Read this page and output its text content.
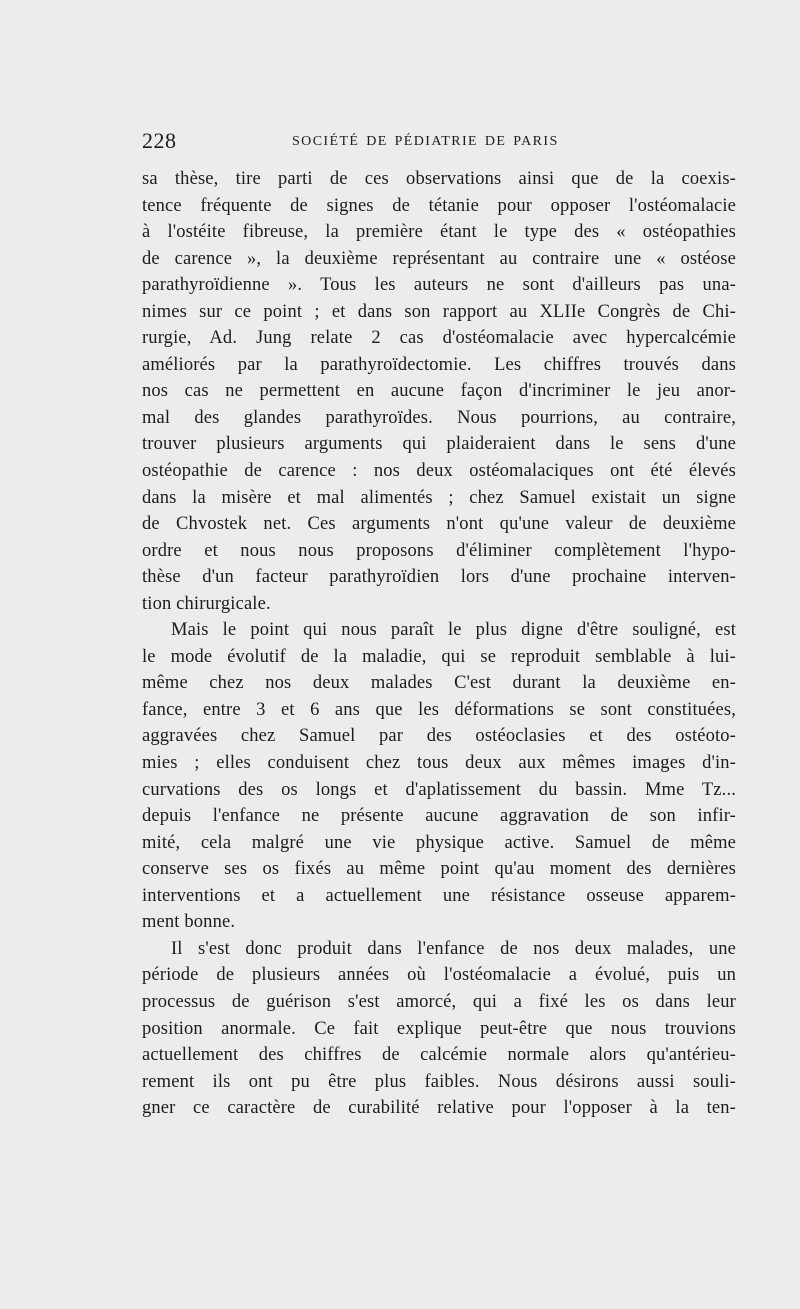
228	SOCIÉTÉ DE PÉDIATRIE DE PARIS

sa thèse, tire parti de ces observations ainsi que de la coexis-

tence fréquente de signes de tétanie pour opposer l'ostéomalacie

à l'ostéite fibreuse, la première étant le type des « ostéopathies

de carence », la deuxième représentant au contraire une « ostéose

parathyroïdienne ». Tous les auteurs ne sont d'ailleurs pas una-

nimes sur ce point ; et dans son rapport au XLIIe Congrès de Chi-

rurgie, Ad. Jung relate 2 cas d'ostéomalacie avec hypercalcémie

améliorés par la parathyroïdectomie. Les chiffres trouvés dans

nos cas ne permettent en aucune façon d'incriminer le jeu anor-

mal des glandes parathyroïdes. Nous pourrions, au contraire,

trouver plusieurs arguments qui plaideraient dans le sens d'une

ostéopathie de carence : nos deux ostéomalaciques ont été élevés

dans la misère et mal alimentés ; chez Samuel existait un signe

de Chvostek net. Ces arguments n'ont qu'une valeur de deuxième

ordre et nous nous proposons d'éliminer complètement l'hypo-

thèse d'un facteur parathyroïdien lors d'une prochaine interven-

tion chirurgicale.

Mais le point qui nous paraît le plus digne d'être souligné, est

le mode évolutif de la maladie, qui se reproduit semblable à lui-

même chez nos deux malades C'est durant la deuxième en-

fance, entre 3 et 6 ans que les déformations se sont constituées,

aggravées chez Samuel par des ostéoclasies et des ostéoto-

mies ; elles conduisent chez tous deux aux mêmes images d'in-

curvations des os longs et d'aplatissement du bassin. Mme Tz...

depuis l'enfance ne présente aucune aggravation de son infir-

mité, cela malgré une vie physique active. Samuel de même

conserve ses os fixés au même point qu'au moment des dernières

interventions et a actuellement une résistance osseuse apparem-

ment bonne.

Il s'est donc produit dans l'enfance de nos deux malades, une

période de plusieurs années où l'ostéomalacie a évolué, puis un

processus de guérison s'est amorcé, qui a fixé les os dans leur

position anormale. Ce fait explique peut-être que nous trouvions

actuellement des chiffres de calcémie normale alors qu'antérieu-

rement ils ont pu être plus faibles. Nous désirons aussi souli-

gner ce caractère de curabilité relative pour l'opposer à la ten-
